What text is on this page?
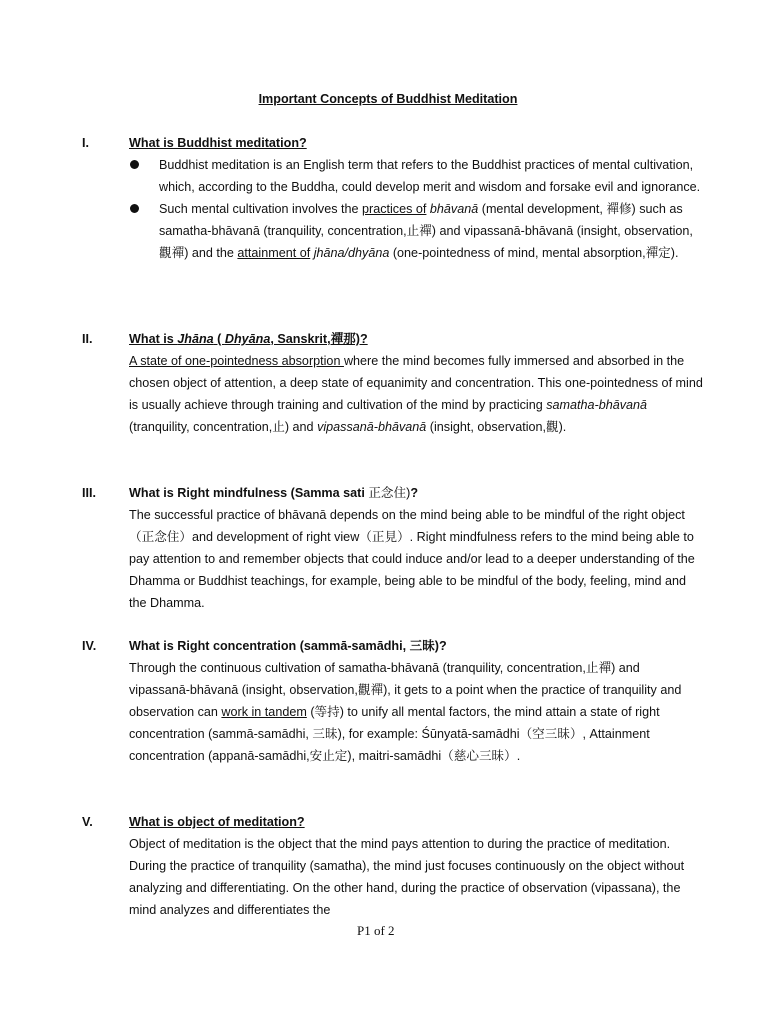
Important Concepts of Buddhist Meditation
I.	What is Buddhist meditation?
Buddhist meditation is an English term that refers to the Buddhist practices of mental cultivation, which, according to the Buddha, could develop merit and wisdom and forsake evil and ignorance.
Such mental cultivation involves the practices of bhāvanā (mental development, 禪修) such as samatha-bhāvanā (tranquility, concentration,止禪) and vipassanā-bhāvanā (insight, observation,觀禪) and the attainment of jhāna/dhyāna (one-pointedness of mind, mental absorption,禪定).
II.	What is Jhāna ( Dhyāna, Sanskrit,禪那)?

A state of one-pointedness absorption where the mind becomes fully immersed and absorbed in the chosen object of attention, a deep state of equanimity and concentration. This one-pointedness of mind is usually achieve through training and cultivation of the mind by practicing samatha-bhāvanā (tranquility, concentration,止) and vipassanā-bhāvanā (insight, observation,觀).

III.	What is Right mindfulness (Samma sati 正念住)?

The successful practice of bhāvanā depends on the mind being able to be mindful of the right object （正念住）and development of right view（正見）. Right mindfulness refers to the mind being able to pay attention to and remember objects that could induce and/or lead to a deeper understanding of the Dhamma or Buddhist teachings, for example, being able to be mindful of the body, feeling, mind and the Dhamma.

IV.	What is Right concentration (sammā-samādhi, 三昧)?

Through the continuous cultivation of samatha-bhāvanā (tranquility, concentration,止禪) and vipassanā-bhāvanā (insight, observation,觀禪), it gets to a point when the practice of tranquility and observation can work in tandem (等持) to unify all mental factors, the mind attain a state of right concentration (sammā-samādhi, 三昧), for example: Śūnyatā-samādhi（空三昧）, Attainment concentration (appanā-samādhi,安止定), maitri-samādhi（慈心三昧）.

V.	What is object of meditation?

Object of meditation is the object that the mind pays attention to during the practice of meditation. During the practice of tranquility (samatha), the mind just focuses continuously on the object without analyzing and differentiating. On the other hand, during the practice of observation (vipassana), the mind analyzes and differentiates the

P1 of 2
